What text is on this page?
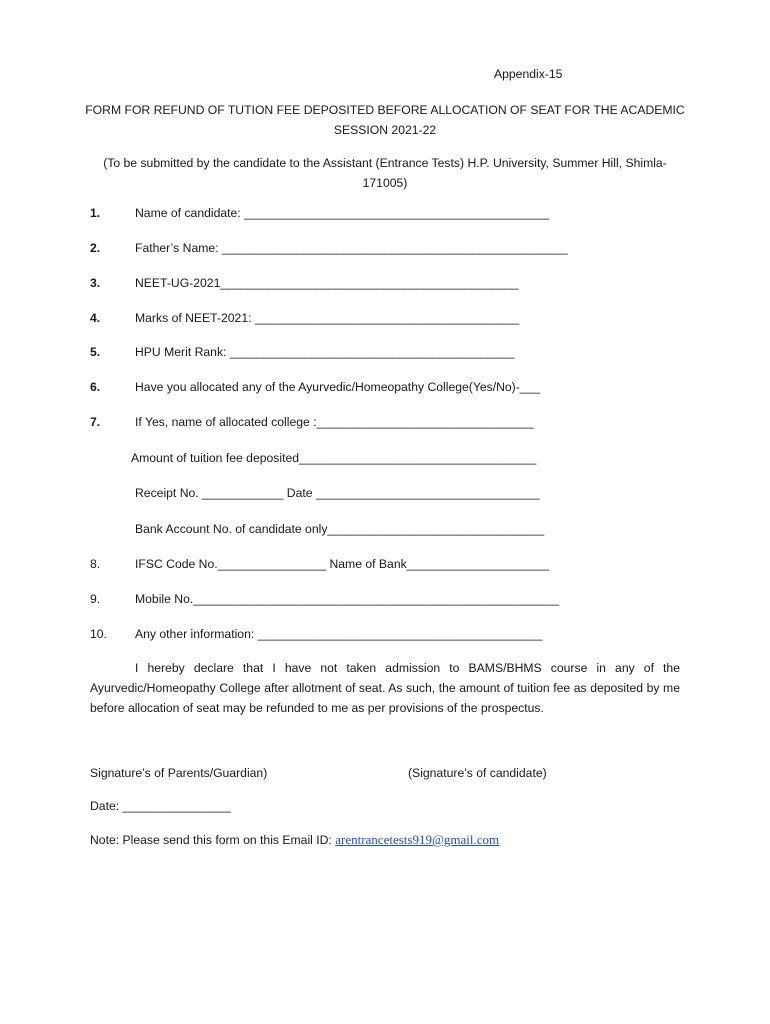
Appendix-15
FORM FOR REFUND OF TUTION FEE DEPOSITED BEFORE ALLOCATION OF SEAT FOR THE ACADEMIC
SESSION 2021-22
(To be submitted by the candidate to the Assistant (Entrance Tests) H.P. University, Summer Hill, Shimla-
171005)
1.	Name of candidate: _____________________________________________
2.	Father’s Name: ___________________________________________________
3.	NEET-UG-2021____________________________________________
4.	Marks of NEET-2021: _______________________________________
5.	HPU Merit Rank: __________________________________________
6.	Have you allocated any of the Ayurvedic/Homeopathy College(Yes/No)-___
7.	If Yes, name of allocated college :________________________________
Amount of tuition fee deposited___________________________________
Receipt No. ____________ Date _________________________________
Bank Account No. of candidate only________________________________
8.	IFSC Code No.________________ Name of Bank_____________________
9.	Mobile No.______________________________________________________
10. Any other information: __________________________________________
I hereby declare that I have not taken admission to BAMS/BHMS course in any of the Ayurvedic/Homeopathy College after allotment of seat. As such, the amount of tuition fee as deposited by me before allocation of seat may be refunded to me as per provisions of the prospectus.
Signature’s of Parents/Guardian)	(Signature’s of candidate)
Date: ________________
Note: Please send this form on this Email ID: arentrancetests919@gmail.com
